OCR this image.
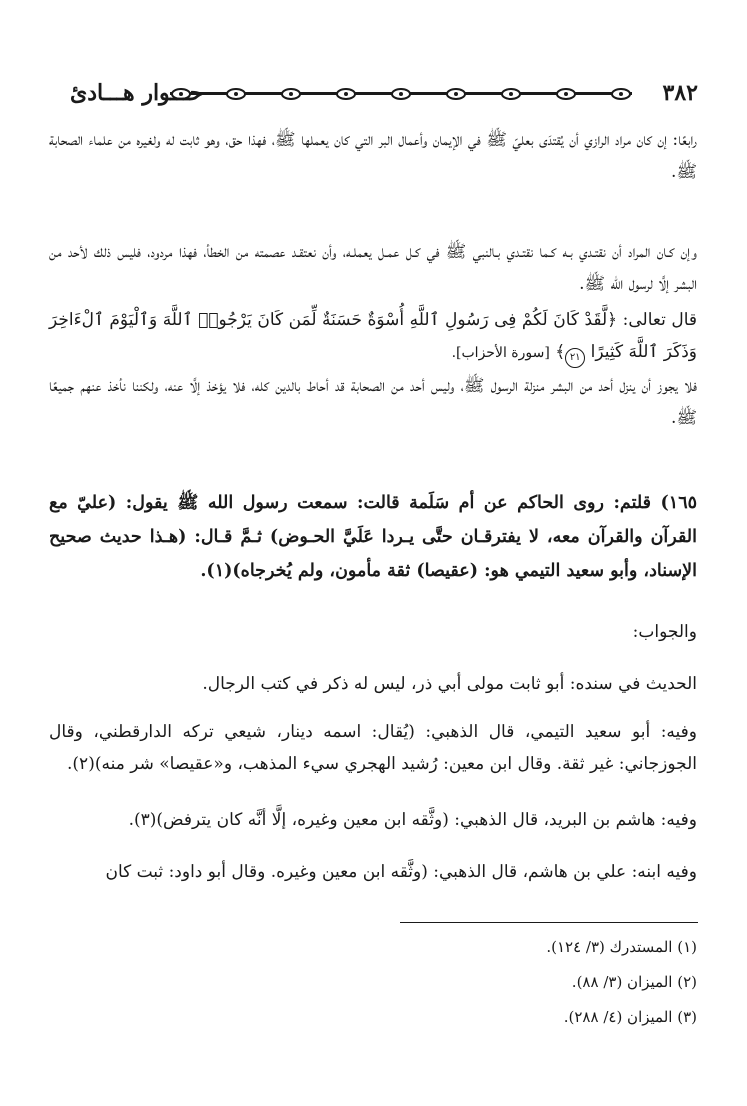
٣٨٢
حـــوار هـــادئ

رابعًا: إن كان مراد الرازي أن يُقتدَى بعليّ ﷺ في الإيمان وأعمال البر التي كان يعملها ﷺ، فهذا حق، وهو ثابت له ولغيره من علماء الصحابة ﷺ.

وإن كـان المراد أن نقتـدي بـه كـما نقتـدي بـالنبي ﷺ في كـل عمـل يعملـه، وأن نعتقـد عصمته من الخطأ، فهذا مردود، فليس ذلك لأحد من البشر إلَّا لرسول الله ﷺ.

قال تعالى: ﴿لَّقَدْ كَانَ لَكُمْ فِى رَسُولِ ٱللَّهِ أُسْوَةٌ حَسَنَةٌ لِّمَن كَانَ يَرْجُوا۟ ٱللَّهَ وَٱلْيَوْمَ ٱلْءَاخِرَ وَذَكَرَ ٱللَّهَ كَثِيرًا ٢١﴾ [سورة الأحزاب].

فلا يجوز أن ينزل أحد من البشر منزلة الرسول ﷺ، وليس أحد من الصحابة قد أحاط بالدين كله، فلا يؤخذ إلَّا عنه، ولكننا نأخذ عنهم جميعًا ﷺ.

١٦٥) قلتم: روى الحاكم عن أم سَلَمة قالت: سمعت رسول الله ﷺ يقول: (عليّ مع القرآن والقرآن معه، لا يفترقـان حتَّى يـردا عَلَيَّ الحـوض) ثـمَّ قـال: (هـذا حديث صحيح الإسناد، وأبو سعيد التيمي هو: (عقيصا) ثقة مأمون، ولم يُخرجاه)(١).

والجواب:

الحديث في سنده: أبو ثابت مولى أبي ذر، ليس له ذكر في كتب الرجال.

وفيه: أبو سعيد التيمي، قال الذهبي: (يُقال: اسمه دينار، شيعي تركه الدارقطني، وقال الجوزجاني: غير ثقة. وقال ابن معين: رُشيد الهجري سيء المذهب، و«عقيصا» شر منه)(٢).

وفيه: هاشم بن البريد، قال الذهبي: (وثَّقه ابن معين وغيره، إلَّا أنَّه كان يترفض)(٣).

وفيه ابنه: علي بن هاشم، قال الذهبي: (وثَّقه ابن معين وغيره. وقال أبو داود: ثبت كان

(١) المستدرك (٣/ ١٢٤).

(٢) الميزان (٣/ ٨٨).

(٣) الميزان (٤/ ٢٨٨).
